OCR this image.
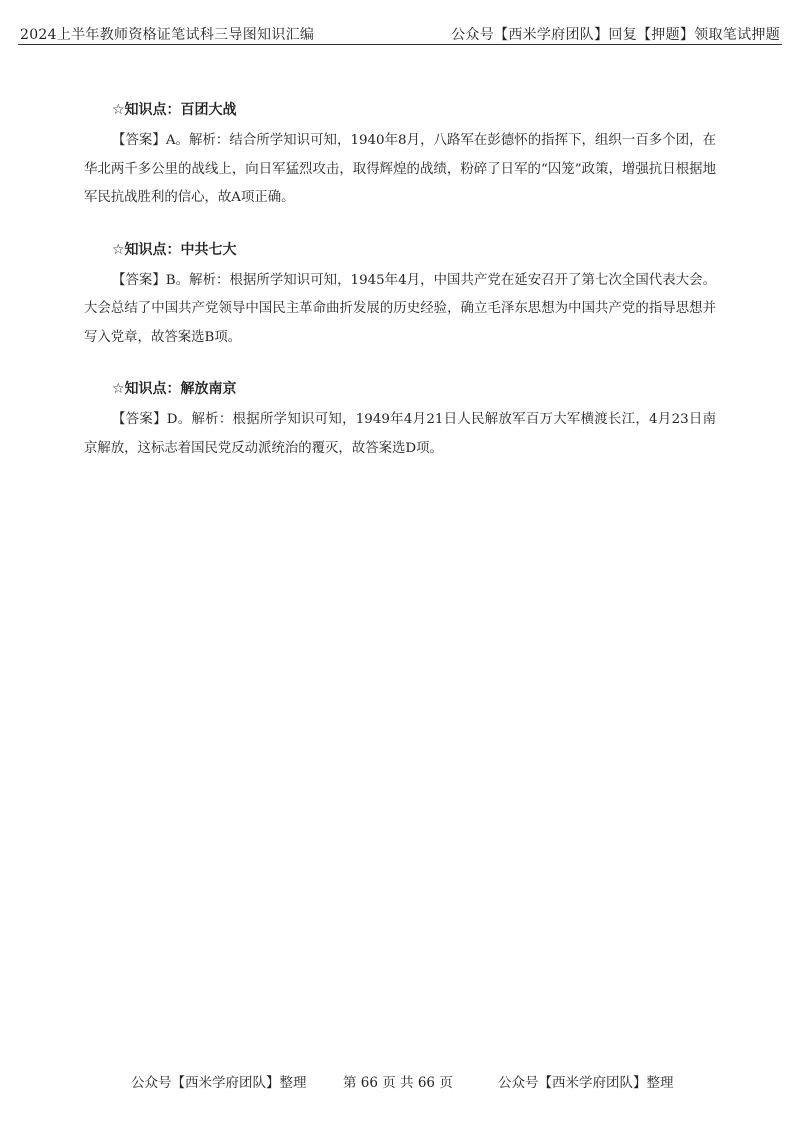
2024上半年教师资格证笔试科三导图知识汇编	公众号【西米学府团队】回复【押题】领取笔试押题
☆知识点：百团大战
【答案】A。解析：结合所学知识可知，1940年8月，八路军在彭德怀的指挥下，组织一百多个团，在华北两千多公里的战线上，向日军猛烈攻击，取得辉煌的战绩，粉碎了日军的“囚笼”政策，增强抗日根据地军民抗战胜利的信心，故A项正确。
☆知识点：中共七大
【答案】B。解析：根据所学知识可知，1945年4月，中国共产党在延安召开了第七次全国代表大会。大会总结了中国共产党领导中国民主革命曲折发展的历史经验，确立毛泽东思想为中国共产党的指导思想并写入党章，故答案选B项。
☆知识点：解放南京
【答案】D。解析：根据所学知识可知，1949年4月21日人民解放军百万大军横渡长江，4月23日南京解放，这标志着国民党反动派统治的覆灭，故答案选D项。
公众号【西米学府团队】整理	第 66 页 共 66 页	公众号【西米学府团队】整理
